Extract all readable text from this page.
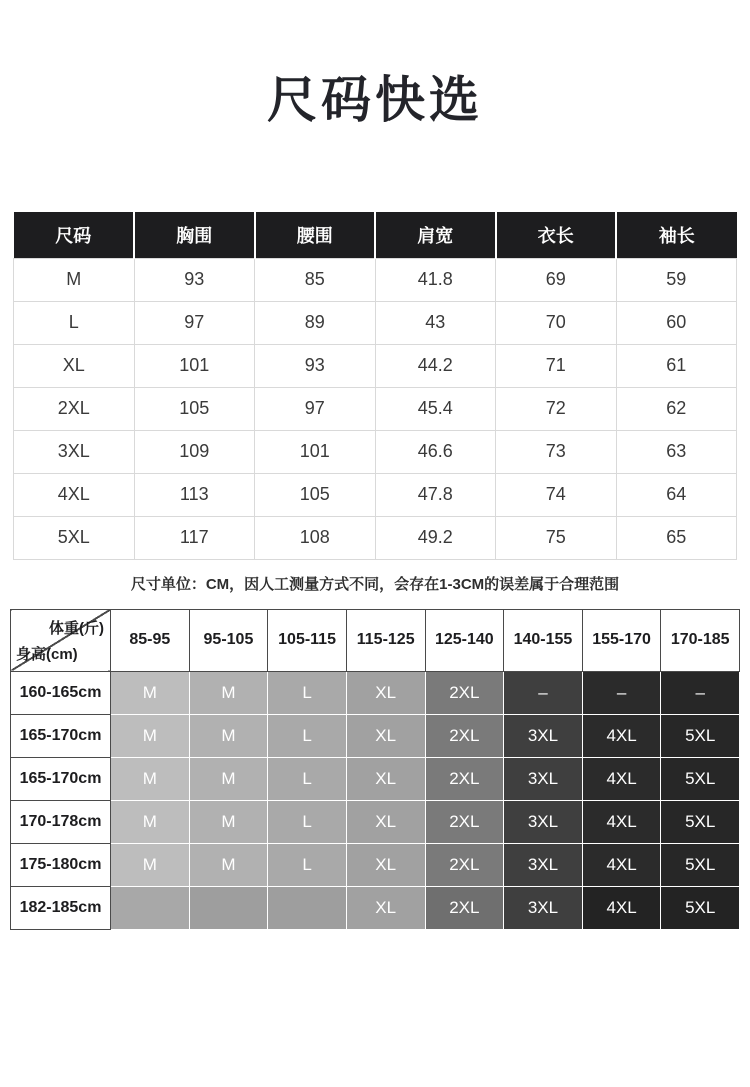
尺码快选
尺码	胸围	腰围	肩宽	衣长	袖长
M	93	85	41.8	69	59
L	97	89	43	70	60
XL	101	93	44.2	71	61
2XL	105	97	45.4	72	62
3XL	109	101	46.6	73	63
4XL	113	105	47.8	74	64
5XL	117	108	49.2	75	65

尺寸单位：CM，因人工测量方式不同，会存在1-3CM的误差属于合理范围

体重(斤)
身高(cm)	85-95	95-105	105-115	115-125	125-140	140-155	155-170	170-185
160-165cm	M	M	L	XL	2XL	–	–	–
165-170cm	M	M	L	XL	2XL	3XL	4XL	5XL
165-170cm	M	M	L	XL	2XL	3XL	4XL	5XL
170-178cm	M	M	L	XL	2XL	3XL	4XL	5XL
175-180cm	M	M	L	XL	2XL	3XL	4XL	5XL
182-185cm				XL	2XL	3XL	4XL	5XL
